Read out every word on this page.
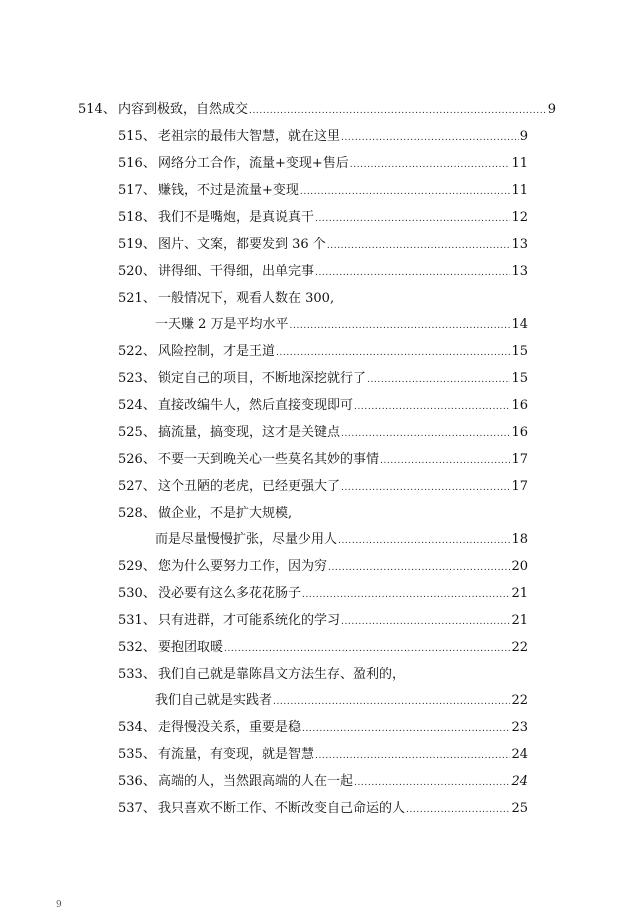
514、 内容到极致，自然成交 .....	9
515、 老祖宗的最伟大智慧，就在这里 .....	9
516、 网络分工合作，流量+变现+售后 .....	11
517、 赚钱，不过是流量+变现 .....	11
518、 我们不是嘴炮，是真说真干 .....	12
519、 图片、文案，都要发到 36 个 .....	13
520、 讲得细、干得细，出单完事 .....	13
521、 一般情况下，观看人数在 300,
一天赚 2 万是平均水平 .....	14
522、 风险控制，才是王道 .....	15
523、 锁定自己的项目，不断地深挖就行了 .....	15
524、 直接改编牛人，然后直接变现即可 .....	16
525、 搞流量，搞变现，这才是关键点 .....	16
526、 不要一天到晚关心一些莫名其妙的事情 .....	17
527、 这个丑陋的老虎，已经更强大了 .....	17
528、 做企业，不是扩大规模,
而是尽量慢慢扩张，尽量少用人 .....	18
529、 您为什么要努力工作，因为穷 .....	20
530、 没必要有这么多花花肠子 .....	21
531、 只有进群，才可能系统化的学习 .....	21
532、 要抱团取暖 .....	22
533、 我们自己就是靠陈昌文方法生存、盈利的，
我们自己就是实践者 .....	22
534、 走得慢没关系，重要是稳 .....	23
535、 有流量，有变现，就是智慧 .....	24
536、 高端的人，当然跟高端的人在一起 .....	24
537、 我只喜欢不断工作、不断改变自己命运的人 .....	25
9
